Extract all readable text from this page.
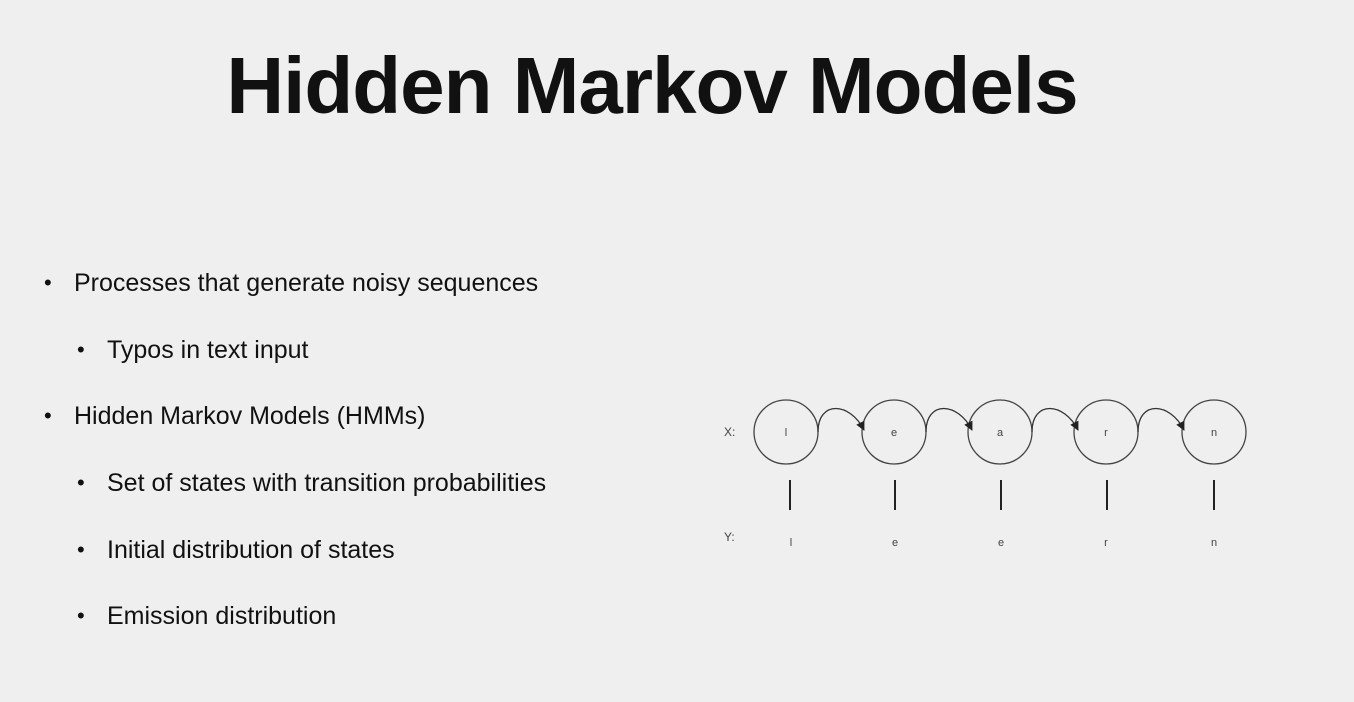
Hidden Markov Models
• Processes that generate noisy sequences
• Typos in text input
• Hidden Markov Models (HMMs)
• Set of states with transition probabilities
• Initial distribution of states
• Emission distribution
X:
Y:
l	e	a	r	n
l	e	e	r	n
